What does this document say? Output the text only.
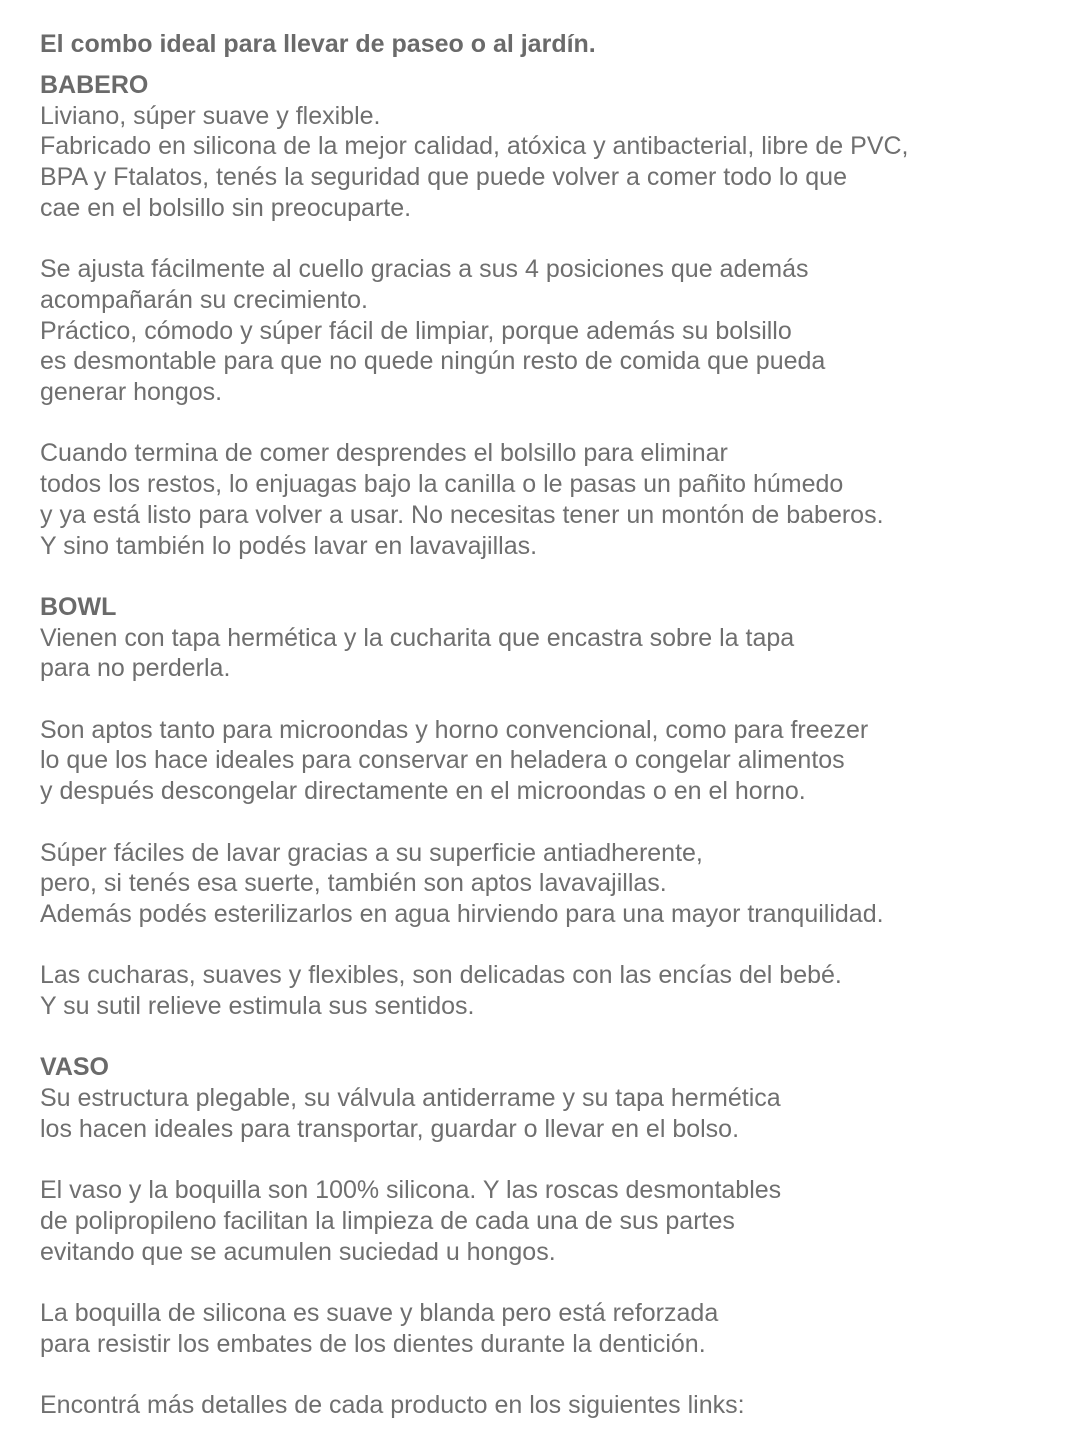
El combo ideal para llevar de paseo o al jardín.

BABERO
Liviano, súper suave y flexible.
Fabricado en silicona de la mejor calidad, atóxica y antibacterial, libre de PVC,
BPA y Ftalatos, tenés la seguridad que puede volver a comer todo lo que
cae en el bolsillo sin preocuparte.
Se ajusta fácilmente al cuello gracias a sus 4 posiciones que además
acompañarán su crecimiento.
Práctico, cómodo y súper fácil de limpiar, porque además su bolsillo
es desmontable para que no quede ningún resto de comida que pueda
generar hongos.
Cuando termina de comer desprendes el bolsillo para eliminar
todos los restos, lo enjuagas bajo la canilla o le pasas un pañito húmedo
y ya está listo para volver a usar. No necesitas tener un montón de baberos.
Y sino también lo podés lavar en lavavajillas.
BOWL
Vienen con tapa hermética y la cucharita que encastra sobre la tapa
para no perderla.
Son aptos tanto para microondas y horno convencional, como para freezer
lo que los hace ideales para conservar en heladera o congelar alimentos
y después descongelar directamente en el microondas o en el horno.
Súper fáciles de lavar gracias a su superficie antiadherente,
pero, si tenés esa suerte, también son aptos lavavajillas.
Además podés esterilizarlos en agua hirviendo para una mayor tranquilidad.
Las cucharas, suaves y flexibles, son delicadas con las encías del bebé.
Y su sutil relieve estimula sus sentidos.
VASO
Su estructura plegable, su válvula antiderrame y su tapa hermética
los hacen ideales para transportar, guardar o llevar en el bolso.
El vaso y la boquilla son 100% silicona. Y las roscas desmontables
de polipropileno facilitan la limpieza de cada una de sus partes
evitando que se acumulen suciedad u hongos.
La boquilla de silicona es suave y blanda pero está reforzada
para resistir los embates de los dientes durante la dentición.
Encontrá más detalles de cada producto en los siguientes links:
